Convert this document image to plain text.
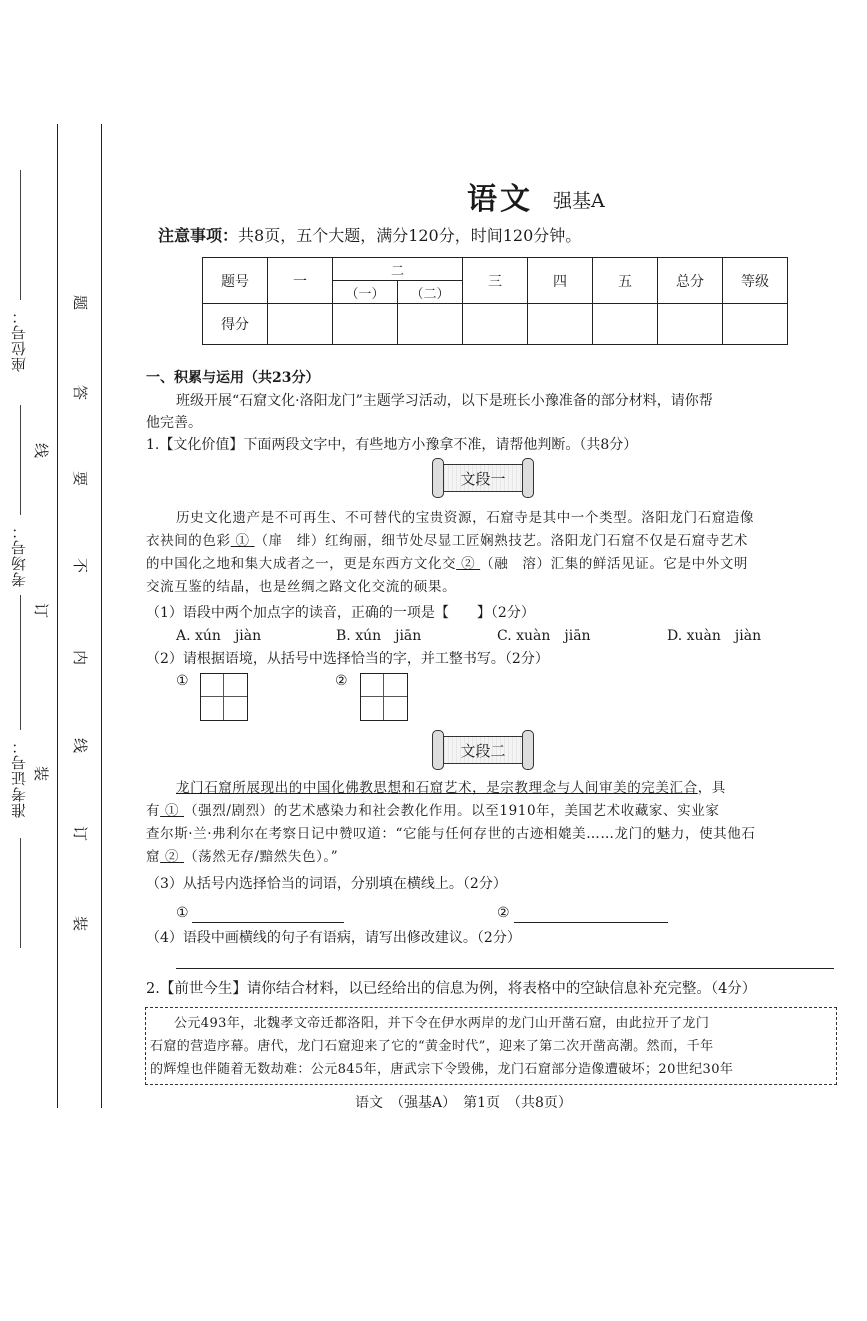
座位号：
考场号：
准考证号：
线
订
装
题
答
要
不
内
线
订
装
语文 强基A
注意事项：共8页，五个大题，满分120分，时间120分钟。
题号	一	二		三	四	五	总分	等级
		（一）	（二）					
得分								
一、积累与运用（共23分）
班级开展“石窟文化·洛阳龙门”主题学习活动，以下是班长小豫准备的部分材料，请你帮
他完善。
1.【文化价值】下面两段文字中，有些地方小豫拿不准，请帮他判断。（共8分）
文段一
历史文化遗产是不可再生、不可替代的宝贵资源，石窟寺是其中一个类型。洛阳龙门石窟造像
衣袂间的色彩 ① （扉　绯）红绚丽，细节处尽显工匠娴熟技艺。洛阳龙门石窟不仅是石窟寺艺术
的中国化之地和集大成者之一，更是东西方文化交 ② （融　溶）汇集的鲜活见证。它是中外文明
交流互鉴的结晶，也是丝绸之路文化交流的硕果。
（1）语段中两个加点字的读音，正确的一项是【　　】（2分）
A. xún　jiàn	B. xún　jiān	C. xuàn　jiān	D. xuàn　jiàn
（2）请根据语境，从括号中选择恰当的字，并工整书写。（2分）
①	②
文段二
龙门石窟所展现出的中国化佛教思想和石窟艺术，是宗教理念与人间审美的完美汇合，具
有 ① （强烈/剧烈）的艺术感染力和社会教化作用。以至1910年，美国艺术收藏家、实业家
查尔斯·兰·弗利尔在考察日记中赞叹道：“它能与任何存世的古迹相媲美……龙门的魅力，使其他石
窟 ② （荡然无存/黯然失色）。”
（3）从括号内选择恰当的词语，分别填在横线上。（2分）
①	②
（4）语段中画横线的句子有语病，请写出修改建议。（2分）
2.【前世今生】请你结合材料，以已经给出的信息为例，将表格中的空缺信息补充完整。（4分）
公元493年，北魏孝文帝迁都洛阳，并下令在伊水两岸的龙门山开凿石窟，由此拉开了龙门
石窟的营造序幕。唐代，龙门石窟迎来了它的“黄金时代”，迎来了第二次开凿高潮。然而，千年
的辉煌也伴随着无数劫难：公元845年，唐武宗下令毁佛，龙门石窟部分造像遭破坏；20世纪30年
语文　（强基A）　第1页　（共8页）
